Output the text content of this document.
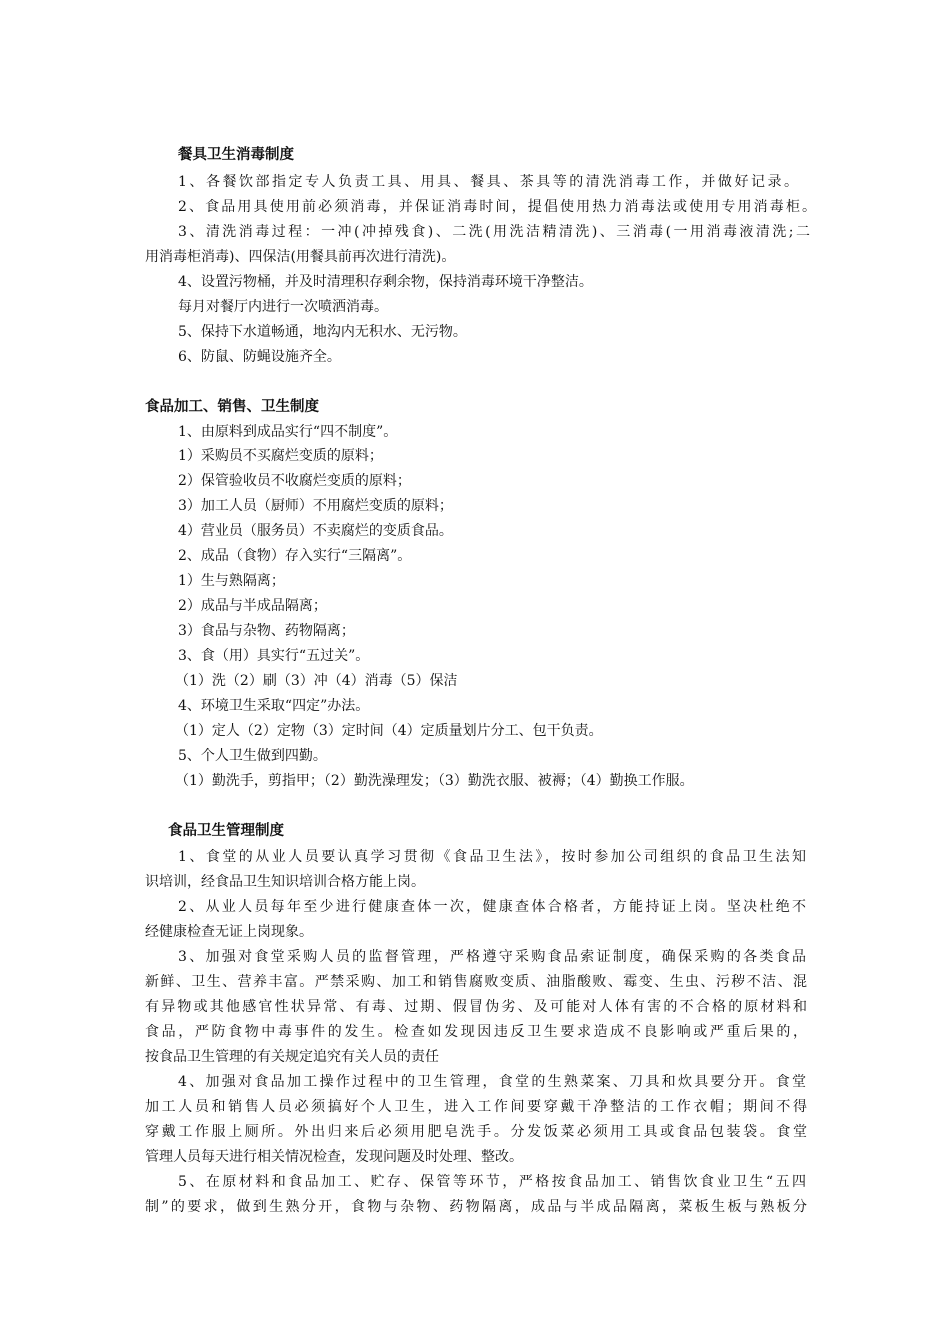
餐具卫生消毒制度
1、各餐饮部指定专人负责工具、用具、餐具、茶具等的清洗消毒工作，并做好记录。
2、食品用具使用前必须消毒，并保证消毒时间，提倡使用热力消毒法或使用专用消毒柜。
3、清洗消毒过程：一冲(冲掉残食)、二洗(用洗洁精清洗)、三消毒(一用消毒液清洗;二
用消毒柜消毒)、四保洁(用餐具前再次进行清洗)。
4、设置污物桶，并及时清理积存剩余物，保持消毒环境干净整洁。
每月对餐厅内进行一次喷洒消毒。
5、保持下水道畅通，地沟内无积水、无污物。
6、防鼠、防蝇设施齐全。
食品加工、销售、卫生制度
1、由原料到成品实行“四不制度”。
1）采购员不买腐烂变质的原料；
2）保管验收员不收腐烂变质的原料；
3）加工人员（厨师）不用腐烂变质的原料；
4）营业员（服务员）不卖腐烂的变质食品。
2、成品（食物）存入实行“三隔离”。
1）生与熟隔离；
2）成品与半成品隔离；
3）食品与杂物、药物隔离；
3、食（用）具实行“五过关”。
（1）洗（2）刷（3）冲（4）消毒（5）保洁
4、环境卫生采取“四定”办法。
（1）定人（2）定物（3）定时间（4）定质量划片分工、包干负责。
5、个人卫生做到四勤。
（1）勤洗手，剪指甲；（2）勤洗澡理发；（3）勤洗衣服、被褥；（4）勤换工作服。
食品卫生管理制度
1、食堂的从业人员要认真学习贯彻《食品卫生法》，按时参加公司组织的食品卫生法知
识培训，经食品卫生知识培训合格方能上岗。
2、从业人员每年至少进行健康查体一次，健康查体合格者，方能持证上岗。坚决杜绝不
经健康检查无证上岗现象。
3、加强对食堂采购人员的监督管理，严格遵守采购食品索证制度，确保采购的各类食品
新鲜、卫生、营养丰富。严禁采购、加工和销售腐败变质、油脂酸败、霉变、生虫、污秽不洁、混
有异物或其他感官性状异常、有毒、过期、假冒伪劣、及可能对人体有害的不合格的原材料和
食品，严防食物中毒事件的发生。检查如发现因违反卫生要求造成不良影响或严重后果的，
按食品卫生管理的有关规定追究有关人员的责任
4、加强对食品加工操作过程中的卫生管理，食堂的生熟菜案、刀具和炊具要分开。食堂
加工人员和销售人员必须搞好个人卫生，进入工作间要穿戴干净整洁的工作衣帽；期间不得
穿戴工作服上厕所。外出归来后必须用肥皂洗手。分发饭菜必须用工具或食品包装袋。食堂
管理人员每天进行相关情况检查，发现问题及时处理、整改。
5、在原材料和食品加工、贮存、保管等环节，严格按食品加工、销售饮食业卫生“五四
制”的要求，做到生熟分开，食物与杂物、药物隔离，成品与半成品隔离，菜板生板与熟板分
